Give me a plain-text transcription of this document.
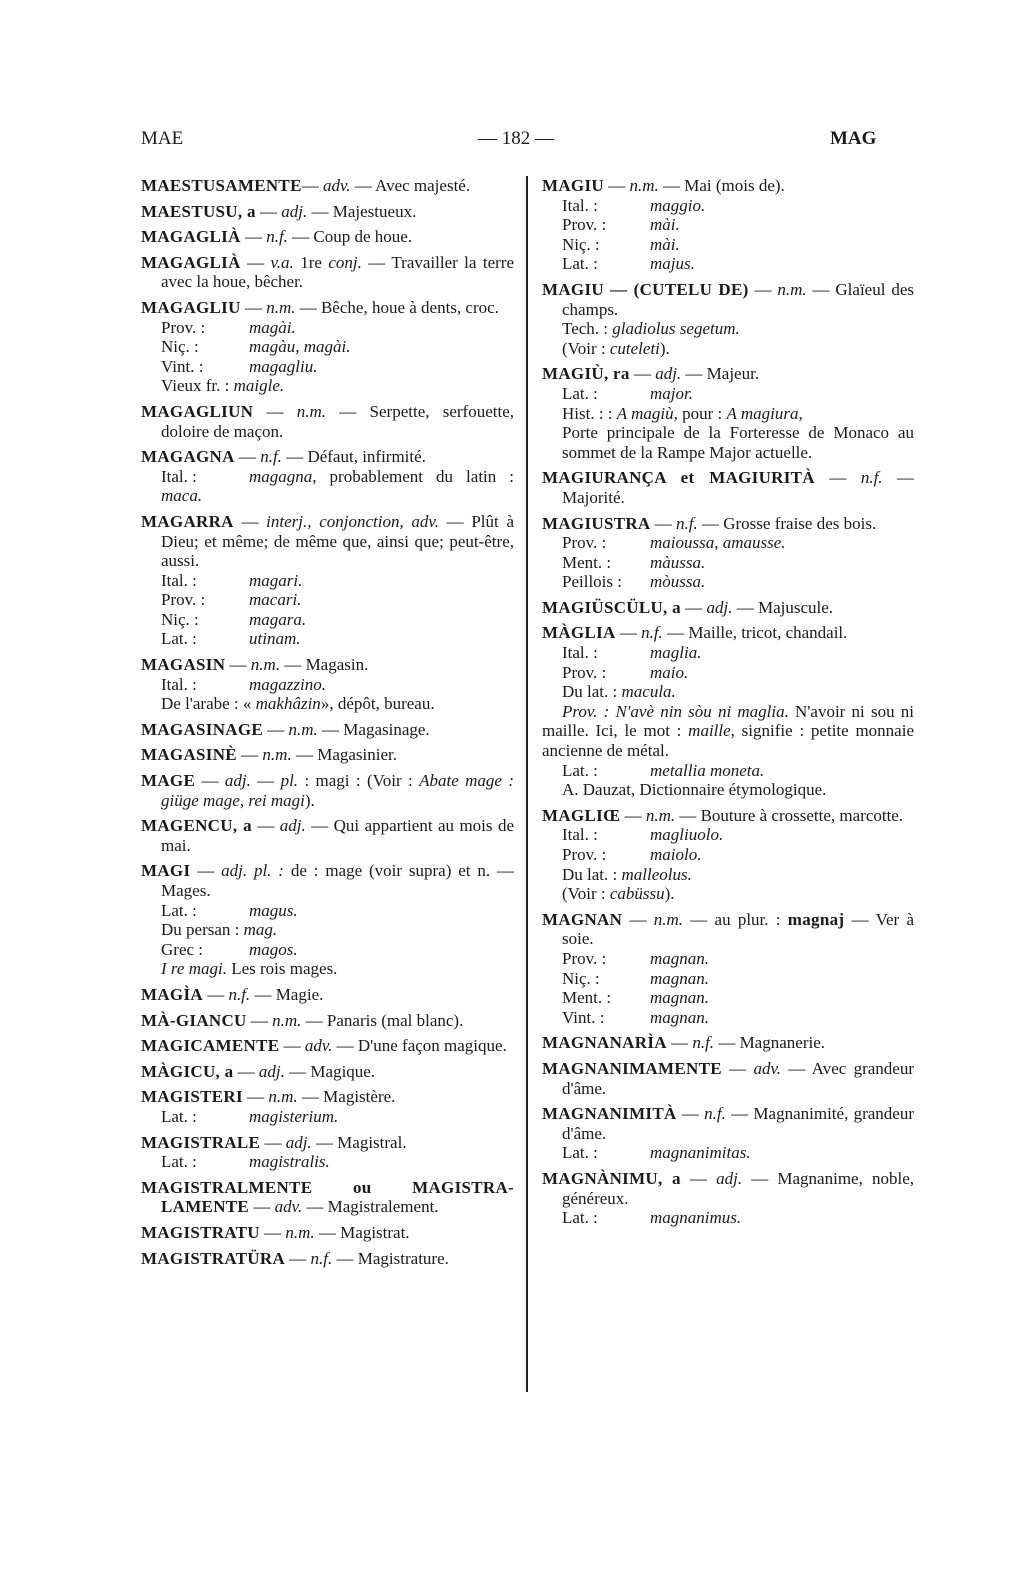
MAE	— 182 —	MAG
MAESTUSAMENTE— adv. — Avec majesté.
MAESTUSU, a — adj. — Majestueux.
MAGAGLIÀ — n.f. — Coup de houe.
MAGAGLIÀ — v.a. 1re conj. — Travailler la terre avec la houe, bêcher.
MAGAGLIU — n.m. — Bêche, houe à dents, croc.
Prov. :	magài.
Niç. :	magàu, magài.
Vint. :	magagliu.
Vieux fr. : maigle.
MAGAGLIUN — n.m. — Serpette, serfouette, doloire de maçon.
MAGAGNA — n.f. — Défaut, infirmité.
Ital. :	magagna, probablement du latin : maca.
MAGARRA — interj., conjonction, adv. — Plût à Dieu; et même; de même que, ainsi que; peut-être, aussi.
Ital. :	magari.
Prov. :	macari.
Niç. :	magara.
Lat. :	utinam.
MAGASIN — n.m. — Magasin.
Ital. :	magazzino.
De l'arabe : « makhâzin», dépôt, bureau.
MAGASINAGE — n.m. — Magasinage.
MAGASINÈ — n.m. — Magasinier.
MAGE — adj. — pl. : magi : (Voir : Abate mage : giüge mage, rei magi).
MAGENCU, a — adj. — Qui appartient au mois de mai.
MAGI — adj. pl. : de : mage (voir supra) et n. — Mages.
Lat. :	magus.
Du persan : mag.
Grec :	magos.
I re magi. Les rois mages.
MAGÌA — n.f. — Magie.
MÀ-GIANCU — n.m. — Panaris (mal blanc).
MAGICAMENTE — adv. — D'une façon magique.
MÀGICU, a — adj. — Magique.
MAGISTERI — n.m. — Magistère.
Lat. :	magisterium.
MAGISTRALE — adj. — Magistral.
Lat. :	magistralis.
MAGISTRALMENTE ou MAGISTRA-LAMENTE — adv. — Magistralement.
MAGISTRATU — n.m. — Magistrat.
MAGISTRATÜRA — n.f. — Magistrature.
MAGIU — n.m. — Mai (mois de).
Ital. :	maggio.
Prov. :	mài.
Niç. :	mài.
Lat. :	majus.
MAGIU — (CUTELU DE) — n.m. — Glaïeul des champs.
Tech. : gladiolus segetum.
(Voir : cuteleti).
MAGIÙ, ra — adj. — Majeur.
Lat. :	major.
Hist. : : A magiù, pour : A magiura,
Porte principale de la Forteresse de Monaco au sommet de la Rampe Major actuelle.
MAGIURANÇA et MAGIURITÀ — n.f. — Majorité.
MAGIUSTRA — n.f. — Grosse fraise des bois.
Prov. :	maioussa, amausse.
Ment. : màussa.
Peillois : mòussa.
MAGIÜSCÜLU, a — adj. — Majuscule.
MÀGLIA — n.f. — Maille, tricot, chandail.
Ital. :	maglia.
Prov. :	maio.
Du lat. : macula.
Prov. : N'avè nin sòu ni maglia. N'avoir ni sou ni maille. Ici, le mot : maille, signifie : petite monnaie ancienne de métal.
Lat. :	metallia moneta.
A. Dauzat, Dictionnaire étymologique.
MAGLIŒ — n.m. — Bouture à crossette, marcotte.
Ital. :	magliuolo.
Prov. :	maiolo.
Du lat. : malleolus.
(Voir : cabüssu).
MAGNAN — n.m. — au plur. : magnaj — Ver à soie.
Prov. :	magnan.
Niç. :	magnan.
Ment. : magnan.
Vint. :	magnan.
MAGNANARÌA — n.f. — Magnanerie.
MAGNANIMAMENTE — adv. — Avec grandeur d'âme.
MAGNANIMITÀ — n.f. — Magnanimité, grandeur d'âme.
Lat. :	magnanimitas.
MAGNÀNIMU, a — adj. — Magnanime, noble, généreux.
Lat. :	magnanimus.
